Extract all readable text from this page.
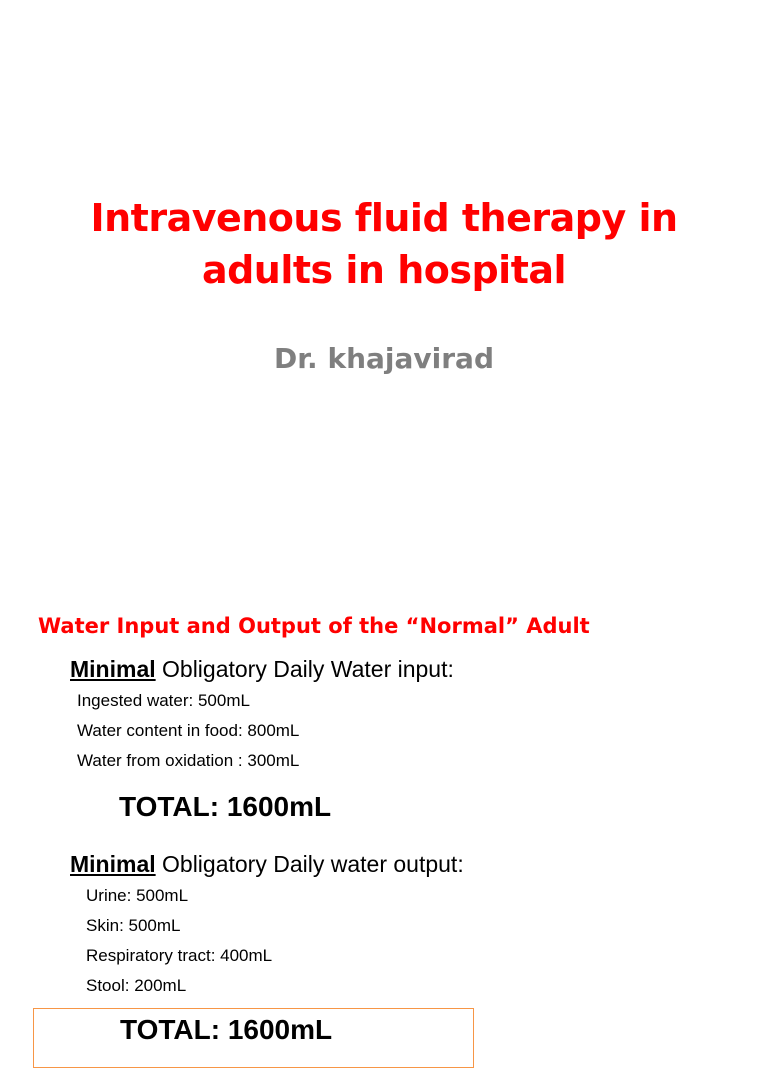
Intravenous fluid therapy in
adults in hospital
Dr. khajavirad
Water Input and Output of the “Normal” Adult
Minimal Obligatory Daily Water input:
Ingested water: 500mL
Water content in food: 800mL
Water from oxidation : 300mL
TOTAL: 1600mL
Minimal Obligatory Daily water output:
Urine: 500mL
Skin: 500mL
Respiratory tract: 400mL
Stool: 200mL
TOTAL: 1600mL
